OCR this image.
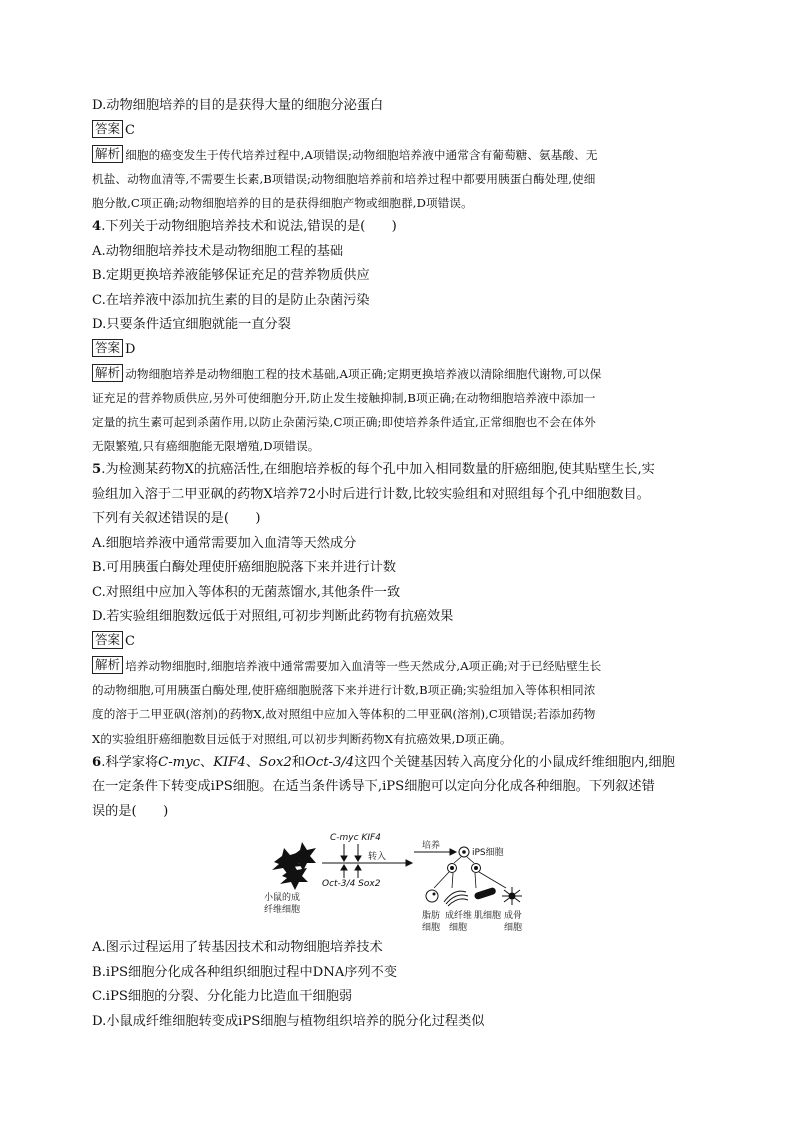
D.动物细胞培养的目的是获得大量的细胞分泌蛋白
答案 C
解析 细胞的癌变发生于传代培养过程中,A项错误;动物细胞培养液中通常含有葡萄糖、氨基酸、无
机盐、动物血清等,不需要生长素,B项错误;动物细胞培养前和培养过程中都要用胰蛋白酶处理,使细
胞分散,C项正确;动物细胞培养的目的是获得细胞产物或细胞群,D项错误。
4.下列关于动物细胞培养技术和说法,错误的是(　　)
A.动物细胞培养技术是动物细胞工程的基础
B.定期更换培养液能够保证充足的营养物质供应
C.在培养液中添加抗生素的目的是防止杂菌污染
D.只要条件适宜细胞就能一直分裂
答案 D
解析 动物细胞培养是动物细胞工程的技术基础,A项正确;定期更换培养液以清除细胞代谢物,可以保
证充足的营养物质供应,另外可使细胞分开,防止发生接触抑制,B项正确;在动物细胞培养液中添加一
定量的抗生素可起到杀菌作用,以防止杂菌污染,C项正确;即使培养条件适宜,正常细胞也不会在体外
无限繁殖,只有癌细胞能无限增殖,D项错误。
5.为检测某药物X的抗癌活性,在细胞培养板的每个孔中加入相同数量的肝癌细胞,使其贴壁生长,实
验组加入溶于二甲亚砜的药物X培养72小时后进行计数,比较实验组和对照组每个孔中细胞数目。
下列有关叙述错误的是(　　)
A.细胞培养液中通常需要加入血清等天然成分
B.可用胰蛋白酶处理使肝癌细胞脱落下来并进行计数
C.对照组中应加入等体积的无菌蒸馏水,其他条件一致
D.若实验组细胞数远低于对照组,可初步判断此药物有抗癌效果
答案 C
解析 培养动物细胞时,细胞培养液中通常需要加入血清等一些天然成分,A项正确;对于已经贴壁生长
的动物细胞,可用胰蛋白酶处理,使肝癌细胞脱落下来并进行计数,B项正确;实验组加入等体积相同浓
度的溶于二甲亚砜(溶剂)的药物X,故对照组中应加入等体积的二甲亚砜(溶剂),C项错误;若添加药物
X的实验组肝癌细胞数目远低于对照组,可以初步判断药物X有抗癌效果,D项正确。
6.科学家将C-myc、KIF4、Sox2和Oct-3/4这四个关键基因转入高度分化的小鼠成纤维细胞内,细胞
在一定条件下转变成iPS细胞。在适当条件诱导下,iPS细胞可以定向分化成各种细胞。下列叙述错
误的是(　　)
小鼠的成
纤维细胞
C-myc KIF4
Oct-3/4 Sox2
转入
培养
iPS细胞
脂肪
细胞
成纤维
细胞
肌细胞 成骨
细胞
A.图示过程运用了转基因技术和动物细胞培养技术
B.iPS细胞分化成各种组织细胞过程中DNA序列不变
C.iPS细胞的分裂、分化能力比造血干细胞弱
D.小鼠成纤维细胞转变成iPS细胞与植物组织培养的脱分化过程类似
